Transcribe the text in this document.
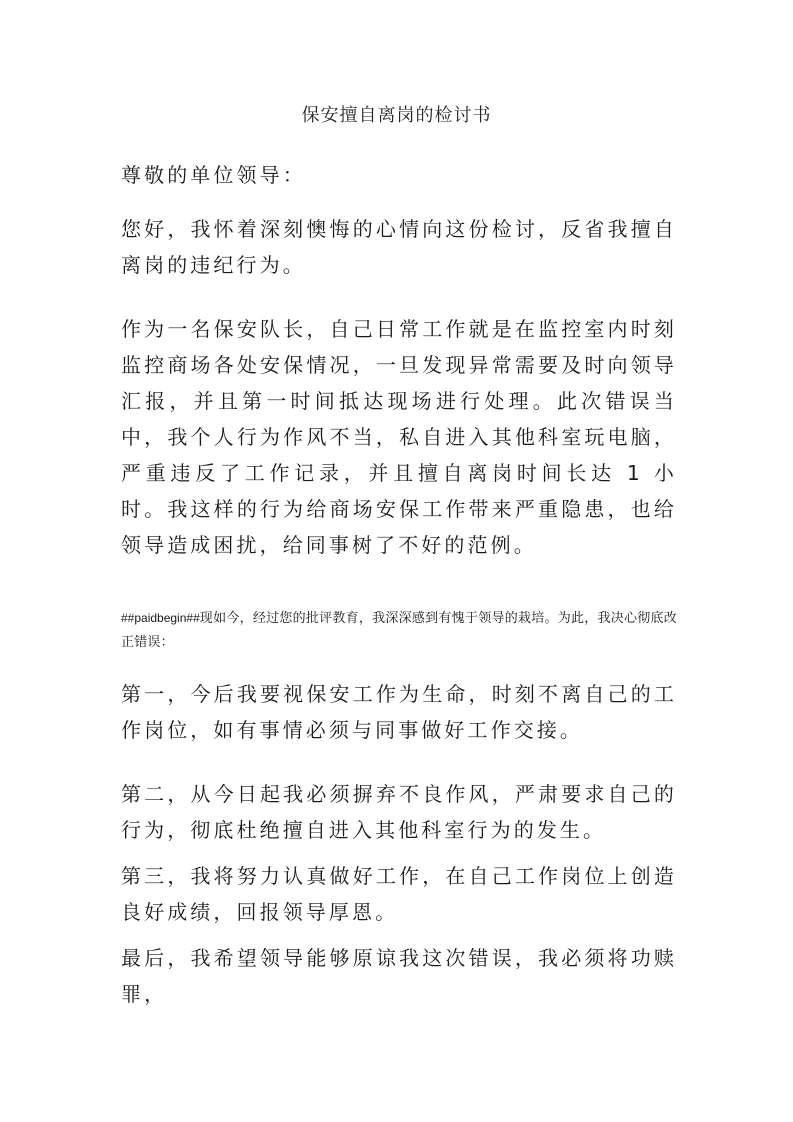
保安擅自离岗的检讨书

尊敬的单位领导：

您好，我怀着深刻懊悔的心情向这份检讨，反省我擅自离岗的违纪行为。

作为一名保安队长，自己日常工作就是在监控室内时刻监控商场各处安保情况，一旦发现异常需要及时向领导汇报，并且第一时间抵达现场进行处理。此次错误当中，我个人行为作风不当，私自进入其他科室玩电脑，严重违反了工作记录，并且擅自离岗时间长达 1 小时。我这样的行为给商场安保工作带来严重隐患，也给领导造成困扰，给同事树了不好的范例。

##paidbegin##现如今，经过您的批评教育，我深深感到有愧于领导的栽培。为此，我决心彻底改正错误：

第一，今后我要视保安工作为生命，时刻不离自己的工作岗位，如有事情必须与同事做好工作交接。

第二，从今日起我必须摒弃不良作风，严肃要求自己的行为，彻底杜绝擅自进入其他科室行为的发生。

第三，我将努力认真做好工作，在自己工作岗位上创造良好成绩，回报领导厚恩。

最后，我希望领导能够原谅我这次错误，我必须将功赎罪，
